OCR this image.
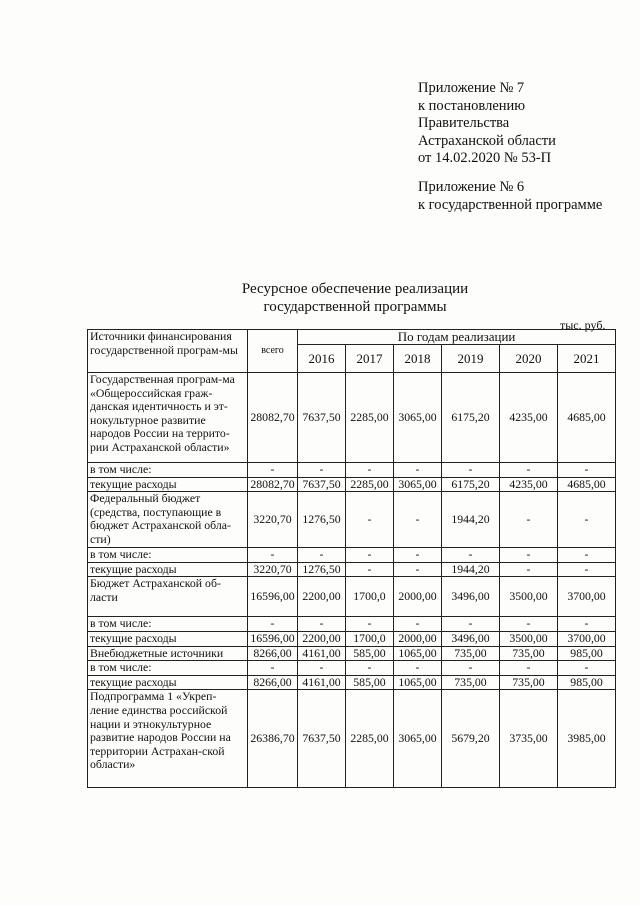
Приложение № 7
к постановлению
Правительства
Астраханской области
от 14.02.2020 № 53-П
Приложение № 6
к государственной программе
Ресурсное обеспечение реализации
государственной программы
тыс. руб.
Источники финансирования государственной програм-мы	всего	По годам реализации					
		2016	2017	2018	2019	2020	2021
Государственная програм-ма «Общероссийская граж-данская идентичность и эт-нокультурное развитие народов России на террито-рии Астраханской области»	28082,70	7637,50	2285,00	3065,00	6175,20	4235,00	4685,00
в том числе:	-	-	-	-	-	-	-
текущие расходы	28082,70	7637,50	2285,00	3065,00	6175,20	4235,00	4685,00
Федеральный бюджет (средства, поступающие в бюджет Астраханской обла-сти)	3220,70	1276,50	-	-	1944,20	-	-
в том числе:	-	-	-	-	-	-	-
текущие расходы	3220,70	1276,50	-	-	1944,20	-	-
Бюджет Астраханской об-ласти	16596,00	2200,00	1700,0	2000,00	3496,00	3500,00	3700,00
в том числе:	-	-	-	-	-	-	-
текущие расходы	16596,00	2200,00	1700,0	2000,00	3496,00	3500,00	3700,00
Внебюджетные источники	8266,00	4161,00	585,00	1065,00	735,00	735,00	985,00
в том числе:	-	-	-	-	-	-	-
текущие расходы	8266,00	4161,00	585,00	1065,00	735,00	735,00	985,00
Подпрограмма 1 «Укреп-ление единства российской нации и этнокультурное развитие народов России на территории Астрахан-ской области»	26386,70	7637,50	2285,00	3065,00	5679,20	3735,00	3985,00
